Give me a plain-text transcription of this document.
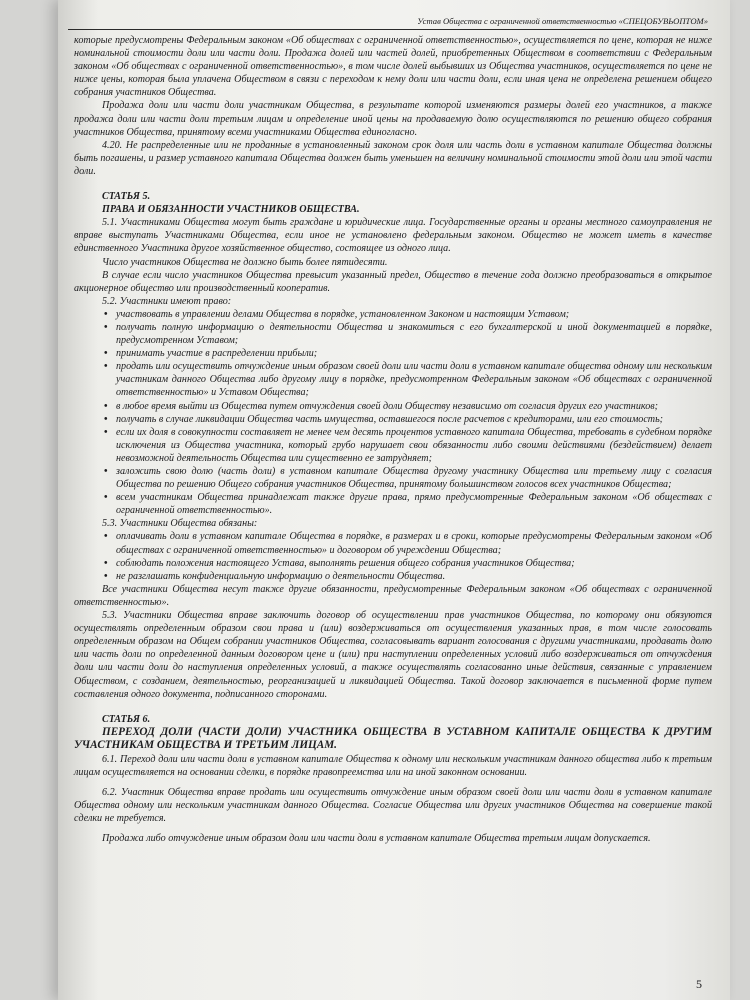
Устав Общества с ограниченной ответственностью «СПЕЦОБУВЬОПТОМ»

которые предусмотрены Федеральным законом «Об обществах с ограниченной ответственностью», осуществляется по цене, которая не ниже номинальной стоимости доли или части доли. Продажа долей или частей долей, приобретенных Обществом в соответствии с Федеральным законом «Об обществах с ограниченной ответственностью», в том числе долей выбывших из Общества участников, осуществляется по цене не ниже цены, которая была уплачена Обществом в связи с переходом к нему доли или части доли, если иная цена не определена решением общего собрания участников Общества.

Продажа доли или части доли участникам Общества, в результате которой изменяются размеры долей его участников, а также продажа доли или части доли третьим лицам и определение иной цены на продаваемую долю осуществляются по решению общего собрания участников Общества, принятому всеми участниками Общества единогласно.

4.20. Не распределенные или не проданные в установленный законом срок доля или часть доли в уставном капитале Общества должны быть погашены, и размер уставного капитала Общества должен быть уменьшен на величину номинальной стоимости этой доли или этой части доли.

СТАТЬЯ 5.

ПРАВА И ОБЯЗАННОСТИ УЧАСТНИКОВ ОБЩЕСТВА.

5.1. Участниками Общества могут быть граждане и юридические лица. Государственные органы и органы местного самоуправления не вправе выступать Участниками Общества, если иное не установлено федеральным законом. Общество не может иметь в качестве единственного Участника другое хозяйственное общество, состоящее из одного лица.

Число участников Общества не должно быть более пятидесяти.

В случае если число участников Общества превысит указанный предел, Общество в течение года должно преобразоваться в открытое акционерное общество или производственный кооператив.

5.2. Участники имеют право:

• участвовать в управлении делами Общества в порядке, установленном Законом и настоящим Уставом;
• получать полную информацию о деятельности Общества и знакомиться с его бухгалтерской и иной документацией в порядке, предусмотренном Уставом;
• принимать участие в распределении прибыли;
• продать или осуществить отчуждение иным образом своей доли или части доли в уставном капитале общества одному или нескольким участникам данного Общества либо другому лицу в порядке, предусмотренном Федеральным законом «Об обществах с ограниченной ответственностью» и Уставом Общества;
• в любое время выйти из Общества путем отчуждения своей доли Обществу независимо от согласия других его участников;
• получать в случае ликвидации Общества часть имущества, оставшегося после расчетов с кредиторами, или его стоимость;
• если их доля в совокупности составляет не менее чем десять процентов уставного капитала Общества, требовать в судебном порядке исключения из Общества участника, который грубо нарушает свои обязанности либо своими действиями (бездействием) делает невозможной деятельность Общества или существенно ее затрудняет;
• заложить свою долю (часть доли) в уставном капитале Общества другому участнику Общества или третьему лицу с согласия Общества по решению Общего собрания участников Общества, принятому большинством голосов всех участников Общества;
• всем участникам Общества принадлежат также другие права, прямо предусмотренные Федеральным законом «Об обществах с ограниченной ответственностью».

5.3. Участники Общества обязаны:

• оплачивать доли в уставном капитале Общества в порядке, в размерах и в сроки, которые предусмотрены Федеральным законом «Об обществах с ограниченной ответственностью» и договором об учреждении Общества;
• соблюдать положения настоящего Устава, выполнять решения общего собрания участников Общества;
• не разглашать конфиденциальную информацию о деятельности Общества.

Все участники Общества несут также другие обязанности, предусмотренные Федеральным законом «Об обществах с ограниченной ответственностью».

5.3. Участники Общества вправе заключить договор об осуществлении прав участников Общества, по которому они обязуются осуществлять определенным образом свои права и (или) воздерживаться от осуществления указанных прав, в том числе голосовать определенным образом на Общем собрании участников Общества, согласовывать вариант голосования с другими участниками, продавать долю или часть доли по определенной данным договором цене и (или) при наступлении определенных условий либо воздерживаться от отчуждения доли или части доли до наступления определенных условий, а также осуществлять согласованно иные действия, связанные с управлением Обществом, с созданием, деятельностью, реорганизацией и ликвидацией Общества. Такой договор заключается в письменной форме путем составления одного документа, подписанного сторонами.

СТАТЬЯ 6.

ПЕРЕХОД ДОЛИ (ЧАСТИ ДОЛИ) УЧАСТНИКА ОБЩЕСТВА В УСТАВНОМ КАПИТАЛЕ ОБЩЕСТВА К ДРУГИМ УЧАСТНИКАМ ОБЩЕСТВА И ТРЕТЬИМ ЛИЦАМ.

6.1. Переход доли или части доли в уставном капитале Общества к одному или нескольким участникам данного общества либо к третьим лицам осуществляется на основании сделки, в порядке правопреемства или на иной законном основании.

6.2. Участник Общества вправе продать или осуществить отчуждение иным образом своей доли или части доли в уставном капитале Общества одному или нескольким участникам данного Общества. Согласие Общества или других участников Общества на совершение такой сделки не требуется.

Продажа либо отчуждение иным образом доли или части доли в уставном капитале Общества третьим лицам допускается.

5
